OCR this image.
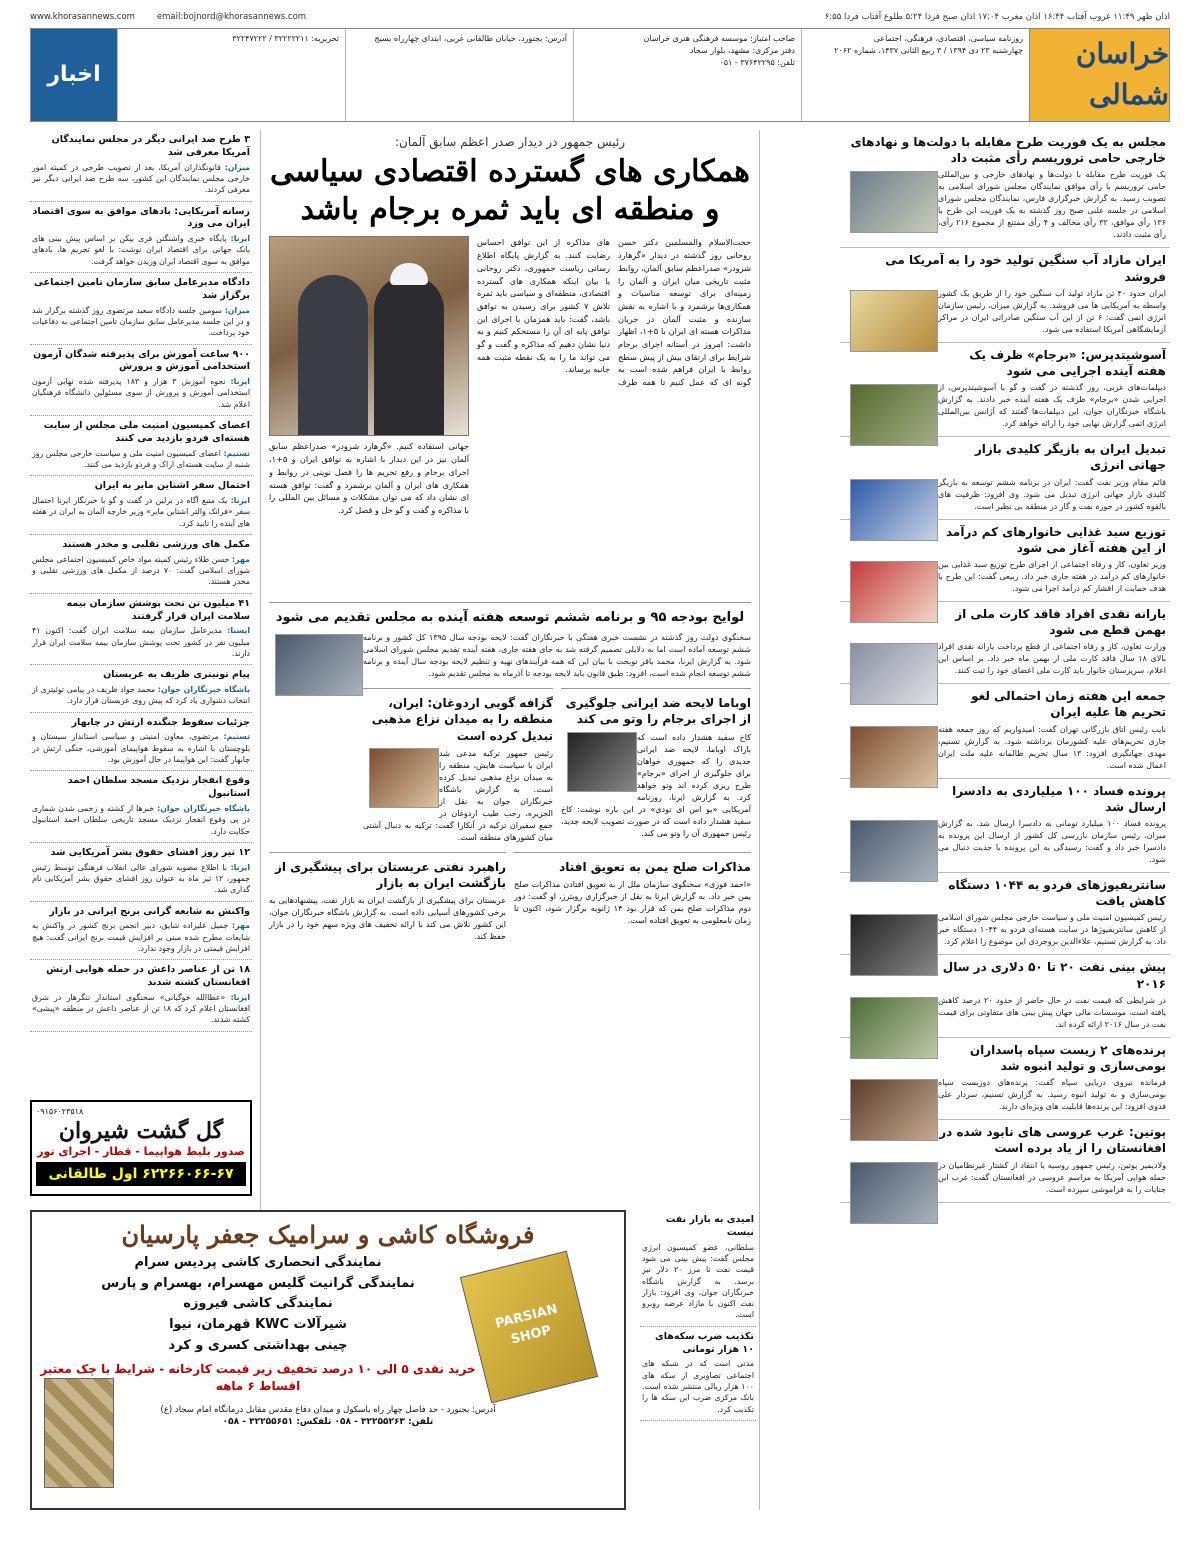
اذان ظهر ۱۱:۴۹ غروب آفتاب ۱۶:۴۴ اذان مغرب ۱۷:۰۴ اذان صبح فردا ۵:۲۴ طلوع آفتاب فردا ۶:۵۵
www.khorasannews.com	email:bojnord@khorasannews.com
خراسان شمالی
روزنامه سیاسی، اقتصادی، فرهنگی، اجتماعی
چهارشنبه ۲۳ دی ۱۳۹۴ / ۳ ربیع الثانی ۱۴۳۷، شماره ۲۰۶۲
صاحب امتیاز: موسسه فرهنگی هنری خراسان
دفتر مرکزی: مشهد، بلوار سجاد
تلفن: ۳۷۶۴۲۲۹۵ - ۰۵۱
آدرس: بجنورد، خیابان طالقانی غربی، ابتدای چهارراه بسیج
تحریریه: ۳۲۲۲۲۲۱۱ / ۳۲۲۴۷۲۲۲
اخبار
مجلس به یک فوریت طرح مقابله با دولت‌ها و نهادهای خارجی حامی تروریسم رأی مثبت داد

یک فوریت طرح مقابله با دولت‌ها و نهادهای خارجی و بین‌المللی حامی تروریسم با رأی موافق نمایندگان مجلس شورای اسلامی به تصویب رسید. به گزارش خبرگزاری فارس، نمایندگان مجلس شورای اسلامی در جلسه علنی صبح روز گذشته به یک فوریت این طرح با ۱۳۶ رأی موافق، ۳۲ رأی مخالف و ۴ رأی ممتنع از مجموع ۲۱۶ رأی، رأی مثبت دادند.

ایران مازاد آب سنگین تولید خود را به آمریکا می فروشد

ایران حدود ۴۰ تن مازاد تولید آب سنگین خود را از طریق یک کشور واسطه به آمریکایی ها می فروشد. به گزارش میزان، رئیس سازمان انرژی اتمی گفت: ۶ تن از این آب سنگین صادراتی ایران در مراکز آزمایشگاهی آمریکا استفاده می شود.

آسوشیتدپرس: «برجام» ظرف یک هفته آینده اجرایی می شود

دیپلمات‌های غربی، روز گذشته در گفت و گو با آسوشیتدپرس، از اجرایی شدن «برجام» ظرف یک هفته آینده خبر دادند. به گزارش باشگاه خبرنگاران جوان، این دیپلمات‌ها گفتند که آژانس بین‌المللی انرژی اتمی گزارش نهایی خود را ارائه خواهد کرد.

تبدیل ایران به بازیگر کلیدی بازار جهانی انرژی

قائم مقام وزیر نفت گفت: ایران در برنامه ششم توسعه به بازیگر کلیدی بازار جهانی انرژی تبدیل می شود. وی افزود: ظرفیت های بالقوه کشور در حوزه نفت و گاز در منطقه بی نظیر است.

توزیع سبد غذایی خانوارهای کم درآمد از این هفته آغاز می شود

وزیر تعاون، کار و رفاه اجتماعی از اجرای طرح توزیع سبد غذایی بین خانوارهای کم درآمد در هفته جاری خبر داد. ربیعی گفت: این طرح با هدف حمایت از اقشار کم درآمد اجرا می شود.

یارانه نقدی افراد فاقد کارت ملی از بهمن قطع می شود

وزارت تعاون، کار و رفاه اجتماعی از قطع پرداخت یارانه نقدی افراد بالای ۱۸ سال فاقد کارت ملی از بهمن ماه خبر داد. بر اساس این اعلام، سرپرستان خانوار باید کارت ملی اعضای خود را ثبت کنند.

جمعه این هفته زمان احتمالی لغو تحریم ها علیه ایران

نایب رئیس اتاق بازرگانی تهران گفت: امیدواریم که روز جمعه هفته جاری تحریم‌های علیه کشورمان برداشته شود. به گزارش تسنیم، مهدی جهانگیری افزود: ۱۳ سال تحریم ظالمانه علیه ملت ایران اعمال شده است.

پرونده فساد ۱۰۰ میلیاردی به دادسرا ارسال شد

پرونده فساد ۱۰۰ میلیارد تومانی به دادسرا ارسال شد. به گزارش میزان، رئیس سازمان بازرسی کل کشور از ارسال این پرونده به دادسرا خبر داد و گفت: رسیدگی به این پرونده با جدیت دنبال می شود.

سانتریفیوژهای فردو به ۱۰۴۴ دستگاه کاهش یافت

رئیس کمیسیون امنیت ملی و سیاست خارجی مجلس شورای اسلامی از کاهش سانتریفیوژها در سایت هسته‌ای فردو به ۱۰۴۴ دستگاه خبر داد. به گزارش تسنیم، علاءالدین بروجردی این موضوع را اعلام کرد.

پیش بینی نفت ۲۰ تا ۵۰ دلاری در سال ۲۰۱۶

در شرایطی که قیمت نفت در حال حاضر از حدود ۲۰ درصد کاهش یافته است، موسسات مالی جهان پیش بینی های متفاوتی برای قیمت نفت در سال ۲۰۱۶ ارائه کرده اند.

پرنده‌های ۲ زیست سپاه پاسداران بومی‌سازی و تولید انبوه شد

فرمانده نیروی دریایی سپاه گفت: پرنده‌های دوزیست سپاه بومی‌سازی و به تولید انبوه رسید. به گزارش تسنیم، سردار علی فدوی افزود: این پرنده‌ها قابلیت های ویژه‌ای دارند.

پوتین: غرب عروسی های نابود شده در افغانستان را از یاد برده است

ولادیمیر پوتین، رئیس جمهور روسیه با انتقاد از کشتار غیرنظامیان در حمله هوایی آمریکا به مراسم عروسی در افغانستان گفت: غرب این جنایات را به فراموشی سپرده است.

رئیس جمهور در دیدار صدر اعظم سابق آلمان:
همکاری های گسترده اقتصادی سیاسی و منطقه ای باید ثمره برجام باشد
حجت‌الاسلام والمسلمین دکتر حسن روحانی روز گذشته در دیدار «گرهارد شرودر» صدراعظم سابق آلمان، روابط مثبت تاریخی میان ایران و آلمان را زمینه‌ای برای توسعه مناسبات و همکاری‌ها برشمرد و با اشاره به نقش سازنده و مثبت آلمان در جریان مذاکرات هسته ای ایران با ۵+۱، اظهار داشت: امروز در آستانه اجرای برجام شرایط برای ارتقای بیش از پیش سطح روابط با ایران فراهم شده است به گونه ای که عمل کنیم تا همه طرف های مذاکره از این توافق احساس رضایت کنند. به گزارش پایگاه اطلاع رسانی ریاست جمهوری، دکتر روحانی با بیان اینکه همکاری های گسترده اقتصادی، منطقه‌ای و سیاسی باید ثمره تلاش ۷ کشور برای رسیدن به توافق باشد، گفت: باید همزمان با اجرای این توافق پایه ای آن را مستحکم کنیم و به دنیا نشان دهیم که مذاکره و گفت و گو می تواند ما را به یک نقطه مثبت همه جانبه برساند.
جهانی استفاده کنیم. «گرهارد شرودر» صدراعظم سابق آلمان نیز در این دیدار با اشاره به توافق ایران و ۵+۱، اجرای برجام و رفع تحریم ها را فصل نوینی در روابط و همکاری های ایران و آلمان برشمرد و گفت: توافق هسته ای نشان داد که می توان مشکلات و مسائل بین المللی را با مذاکره و گفت و گو حل و فصل کرد.
لوایح بودجه ۹۵ و برنامه ششم توسعه هفته آینده به مجلس تقدیم می شود

سخنگوی دولت روز گذشته در نشست خبری هفتگی با خبرنگاران گفت: لایحه بودجه سال ۱۳۹۵ کل کشور و برنامه ششم توسعه آماده است اما به دلایلی تصمیم گرفته شد به جای هفته جاری، هفته آینده تقدیم مجلس شورای اسلامی شود. به گزارش ایرنا، محمد باقر نوبخت با بیان این که همه فرآیندهای تهیه و تنظیم لایحه بودجه سال آینده و برنامه ششم توسعه انجام شده است، افزود: طبق قانون باید لایحه بودجه تا آذرماه به مجلس تقدیم شود.

اوباما لایحه ضد ایرانی جلوگیری از اجرای برجام را وتو می کند

کاخ سفید هشدار داده است که باراک اوباما، لایحه ضد ایرانی جدیدی را که جمهوری خواهان برای جلوگیری از اجرای «برجام» طرح ریزی کرده اند وتو خواهد کرد. به گزارش ایرنا، روزنامه آمریکایی «یو اس ای تودی» در این باره نوشت: کاخ سفید هشدار داده است که در صورت تصویب لایحه جدید، رئیس جمهوری آن را وتو می کند.

گزافه گویی اردوغان: ایران، منطقه را به میدان نزاع مذهبی تبدیل کرده است

رئیس جمهور ترکیه مدعی شد ایران با سیاست هایش، منطقه را به میدان نزاع مذهبی تبدیل کرده است. به گزارش باشگاه خبرنگاران جوان به نقل از الجزیره، رجب طیب اردوغان در جمع سفیران ترکیه در آنکارا گفت: ترکیه به دنبال آشتی میان کشورهای منطقه است.

مذاکرات صلح یمن به تعویق افتاد

«احمد فوزی» سخنگوی سازمان ملل از به تعویق افتادن مذاکرات صلح یمن خبر داد. به گزارش ایرنا به نقل از خبرگزاری رویترز، او گفت: دور دوم مذاکرات صلح یمن که قرار بود ۱۴ ژانویه برگزار شود، اکنون تا زمان نامعلومی به تعویق افتاده است.

راهبرد نفتی عربستان برای پیشگیری از بازگشت ایران به بازار

عربستان برای پیشگیری از بازگشت ایران به بازار نفت، پیشنهادهایی به برخی کشورهای آسیایی داده است. به گزارش باشگاه خبرنگاران جوان، این کشور تلاش می کند با ارائه تخفیف های ویژه سهم خود را در بازار حفظ کند.

۳ طرح ضد ایرانی دیگر در مجلس نمایندگان آمریکا معرفی شد

میزان: قانونگذاران آمریکا، بعد از تصویب طرحی در کمیته امور خارجی مجلس نمایندگان این کشور، سه طرح ضد ایرانی دیگر نیز معرفی کردند.

رسانه آمریکایی: بادهای موافق به سوی اقتصاد ایران می وزد

ایرنا: پایگاه خبری واشنگتن فری بیکن بر اساس پیش بینی های بانک جهانی برای اقتصاد ایران نوشت: با لغو تحریم ها، بادهای موافق به سوی اقتصاد ایران وزیدن خواهد گرفت.

دادگاه مدیرعامل سابق سازمان تامین اجتماعی برگزار شد

میزان: سومین جلسه دادگاه سعید مرتضوی روز گذشته برگزار شد و در این جلسه مدیرعامل سابق سازمان تامین اجتماعی به دفاعیات خود پرداخت.

۹۰۰ ساعت آموزش برای پذیرفته شدگان آزمون استخدامی آموزش و پرورش

ایرنا: نحوه آموزش ۳ هزار و ۱۸۳ پذیرفته شده نهایی آزمون استخدامی آموزش و پرورش از سوی مسئولین دانشگاه فرهنگیان اعلام شد.

اعضای کمیسیون امنیت ملی مجلس از سایت هسته‌ای فردو بازدید می کنند

تسنیم: اعضای کمیسیون امنیت ملی و سیاست خارجی مجلس روز شنبه از سایت هسته‌ای اراک و فردو بازدید می کنند.

احتمال سفر اشتاین مایر به ایران

ایرنا: یک منبع آگاه در برلین در گفت و گو با خبرنگار ایرنا احتمال سفر «فرانک والتر اشتاین مایر» وزیر خارجه آلمان به ایران در هفته های آینده را تایید کرد.

مکمل های ورزشی تقلبی و مخدر هستند

مهر: حسن طلاء رئیس کمیته مواد خاص کمیسیون اجتماعی مجلس شورای اسلامی گفت: ۷۰ درصد از مکمل های ورزشی تقلبی و مخدر هستند.

۴۱ میلیون تن تحت پوشش سازمان بیمه سلامت ایران قرار گرفتند

ایسنا: مدیرعامل سازمان بیمه سلامت ایران گفت: اکنون ۴۱ میلیون نفر در کشور تحت پوشش سازمان بیمه سلامت ایران قرار دارند.

پیام تونیتری ظریف به عربستان

باشگاه خبرنگاران جوان: محمد جواد ظریف در پیامی توئیتری از انتخاب دشواری یاد کرد که پیش روی عربستان قرار دارد.

جزئیات سقوط جنگنده ارتش در چابهار

تسنیم: مرتضوی، معاون امنیتی و سیاسی استاندار سیستان و بلوچستان با اشاره به سقوط هواپیمای آموزشی، جنگی ارتش در چابهار گفت: این هواپیما در حال آموزش بود.

وقوع انفجار نزدیک مسجد سلطان احمد استانبول

باشگاه خبرنگاران جوان: خبرها از کشته و زخمی شدن شماری در پی وقوع انفجار نزدیک مسجد تاریخی سلطان احمد استانبول حکایت دارد.

۱۲ تیر روز افشای حقوق بشر آمریکایی شد

ایرنا: با اطلاع مصوبه شورای عالی انقلاب فرهنگی توسط رئیس جمهور، ۱۲ تیر ماه به عنوان روز افشای حقوق بشر آمریکایی نام گذاری شد.

واکنش به شایعه گرانی برنج ایرانی در بازار

مهر: جمیل علیزاده شایق، دبیر انجمن برنج کشور در واکنش به شایعات مطرح شده مبنی بر افزایش قیمت برنج ایرانی گفت: هیچ افزایش قیمتی در بازار وجود ندارد.

۱۸ تن از عناصر داعش در حمله هوایی ارتش افغانستان کشته شدند

ایرنا: «عطاالله خوگیانی» سخنگوی استاندار ننگرهار در شرق افغانستان اعلام کرد که ۱۸ تن از عناصر داعش در منطقه «پیشی» کشته شدند.

۰۹۱۵۶۰۲۳۵۱۸
گل گشت شیروان
صدور بلیط هواپیما - قطار - اجرای تور
۶۲۲۶۶۰۶۶-۶۷ اول طالقانی
فروشگاه کاشی و سرامیک جعفر پارسیان
PARSIAN SHOP
نمایندگی انحصاری کاشی پردیس سرام
نمایندگی گرانیت گلیس مهسرام، بهسرام و پارس
نمایندگی کاشی فیروزه
شیرآلات KWC قهرمان، نیوا
چینی بهداشتی کسری و کرد
خرید نقدی ۵ الی ۱۰ درصد تخفیف زیر قیمت کارخانه - شرایط با چک معتبر اقساط ۶ ماهه
آدرس: بجنورد - حد فاصل چهار راه باسکول و میدان دفاع مقدس مقابل درمانگاه امام سجاد (ع)
تلفن: ۳۲۲۵۵۲۶۳ - ۰۵۸ تلفکس: ۳۲۲۵۵۶۵۱ - ۰۵۸
امیدی به بازار نفت نیست

سلطانی، عضو کمیسیون انرژی مجلس گفت: پیش بینی می شود قیمت نفت تا مرز ۲۰ دلار نیز برسد. به گزارش باشگاه خبرنگاران جوان، وی افزود: بازار نفت اکنون با مازاد عرضه روبرو است.

تکذیب ضرب سکه‌های ۱۰ هزار تومانی

مدتی است که در شبکه های اجتماعی تصاویری از سکه های ۱۰۰ هزار ریالی منتشر شده است. بانک مرکزی ضرب این سکه ها را تکذیب کرد.
